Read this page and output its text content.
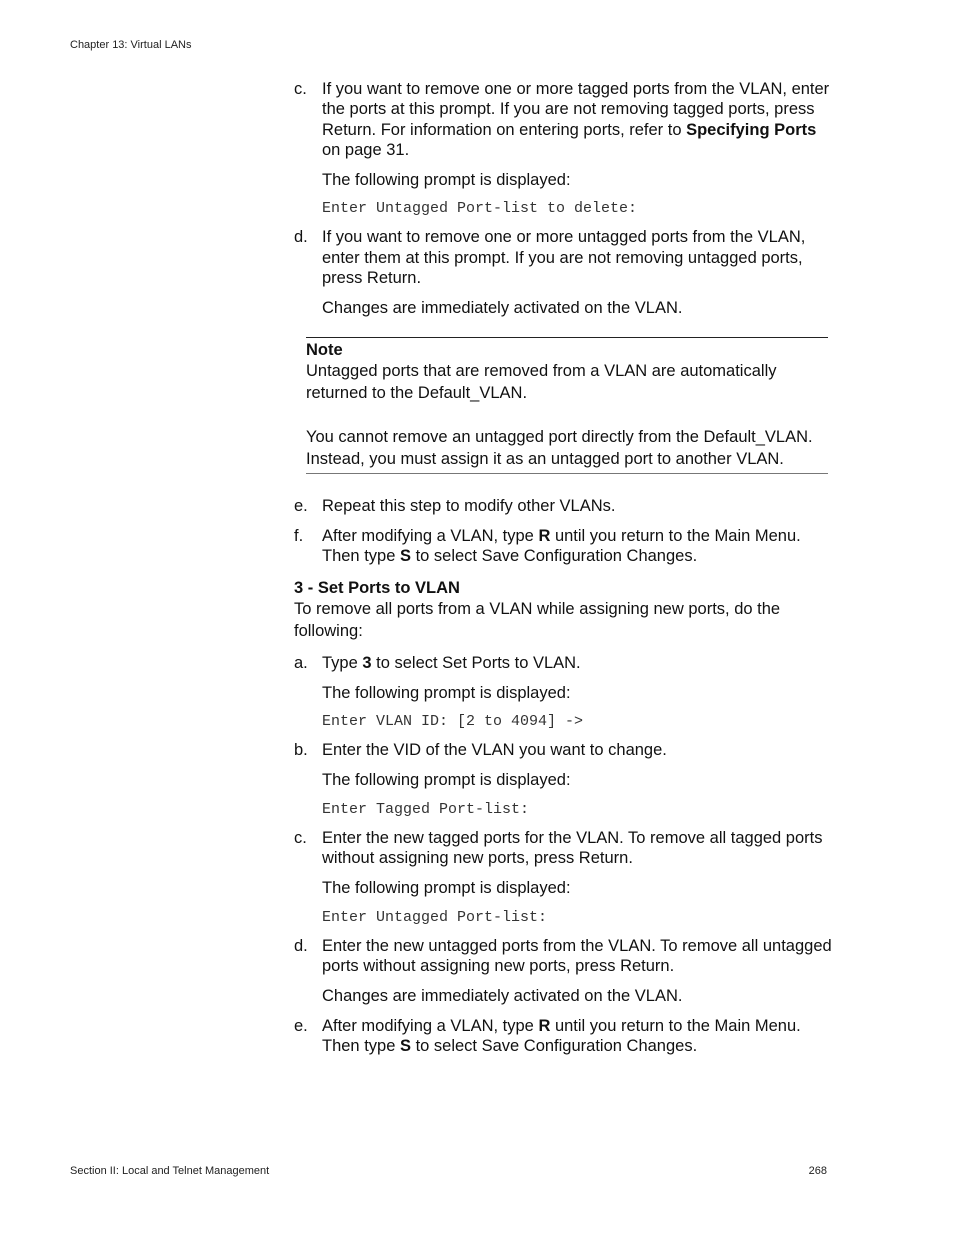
Chapter 13: Virtual LANs
c. If you want to remove one or more tagged ports from the VLAN, enter the ports at this prompt. If you are not removing tagged ports, press Return. For information on entering ports, refer to Specifying Ports on page 31.
The following prompt is displayed:
Enter Untagged Port-list to delete:
d. If you want to remove one or more untagged ports from the VLAN, enter them at this prompt. If you are not removing untagged ports, press Return.
Changes are immediately activated on the VLAN.
Note

Untagged ports that are removed from a VLAN are automatically returned to the Default_VLAN.

You cannot remove an untagged port directly from the Default_VLAN. Instead, you must assign it as an untagged port to another VLAN.

e. Repeat this step to modify other VLANs.
f.	After modifying a VLAN, type R until you return to the Main Menu. Then type S to select Save Configuration Changes.
3 - Set Ports to VLAN
To remove all ports from a VLAN while assigning new ports, do the following:
a. Type 3 to select Set Ports to VLAN.
The following prompt is displayed:
Enter VLAN ID: [2 to 4094] ->
b. Enter the VID of the VLAN you want to change.
The following prompt is displayed:
Enter Tagged Port-list:
c. Enter the new tagged ports for the VLAN. To remove all tagged ports without assigning new ports, press Return.
The following prompt is displayed:
Enter Untagged Port-list:
d. Enter the new untagged ports from the VLAN. To remove all untagged ports without assigning new ports, press Return.
Changes are immediately activated on the VLAN.
e. After modifying a VLAN, type R until you return to the Main Menu. Then type S to select Save Configuration Changes.
Section II: Local and Telnet Management	268
